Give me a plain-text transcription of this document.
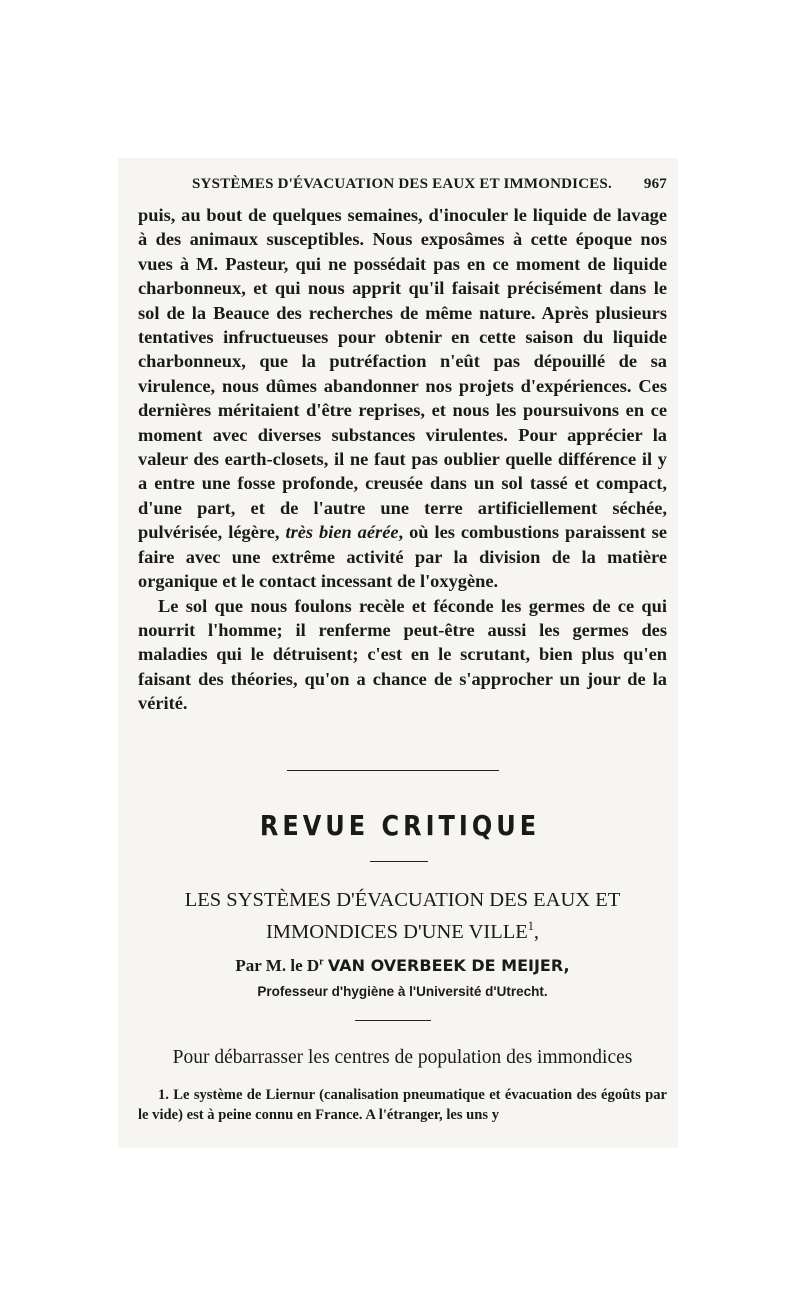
SYSTÈMES D'ÉVACUATION DES EAUX ET IMMONDICES. 967

puis, au bout de quelques semaines, d'inoculer le liquide de lavage à des animaux susceptibles. Nous exposâmes à cette époque nos vues à M. Pasteur, qui ne possédait pas en ce moment de liquide charbonneux, et qui nous apprit qu'il faisait précisément dans le sol de la Beauce des recherches de même nature. Après plusieurs tentatives infructueuses pour obtenir en cette saison du liquide charbonneux, que la putréfaction n'eût pas dépouillé de sa virulence, nous dûmes abandonner nos projets d'expériences. Ces dernières méritaient d'être reprises, et nous les poursuivons en ce moment avec diverses substances virulentes. Pour apprécier la valeur des earth-closets, il ne faut pas oublier quelle différence il y a entre une fosse profonde, creusée dans un sol tassé et compact, d'une part, et de l'autre une terre artificiellement séchée, pulvérisée, légère, très bien aérée, où les combustions paraissent se faire avec une extrême activité par la division de la matière organique et le contact incessant de l'oxygène.

Le sol que nous foulons recèle et féconde les germes de ce qui nourrit l'homme; il renferme peut-être aussi les germes des maladies qui le détruisent; c'est en le scrutant, bien plus qu'en faisant des théories, qu'on a chance de s'approcher un jour de la vérité.

REVUE CRITIQUE
LES SYSTÈMES D'ÉVACUATION DES EAUX ET
IMMONDICES D'UNE VILLE$^1$,
Par M. le $D^r$ VAN OVERBEEK DE MEIJER,
Professeur d'hygiène à l'Université d'Utrecht.
Pour débarrasser les centres de population des immondices

1. Le système de Liernur (canalisation pneumatique et évacuation des égoûts par le vide) est à peine connu en France. A l'étranger, les uns y
